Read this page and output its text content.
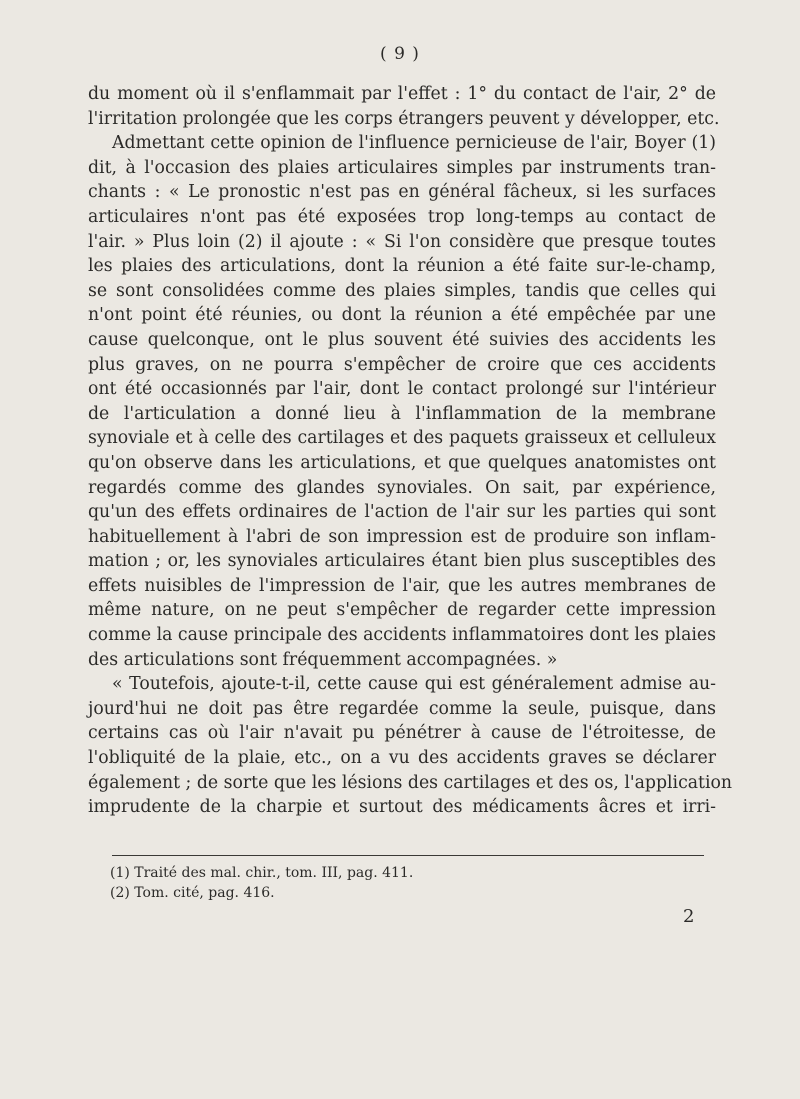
( 9 )
du moment où il s'enflammait par l'effet : 1° du contact de l'air, 2° de
l'irritation prolongée que les corps étrangers peuvent y développer, etc.
Admettant cette opinion de l'influence pernicieuse de l'air, Boyer (1)
dit, à l'occasion des plaies articulaires simples par instruments tran-
chants : « Le pronostic n'est pas en général fâcheux, si les surfaces
articulaires n'ont pas été exposées trop long-temps au contact de
l'air. » Plus loin (2) il ajoute : « Si l'on considère que presque toutes
les plaies des articulations, dont la réunion a été faite sur-le-champ,
se sont consolidées comme des plaies simples, tandis que celles qui
n'ont point été réunies, ou dont la réunion a été empêchée par une
cause quelconque, ont le plus souvent été suivies des accidents les
plus graves, on ne pourra s'empêcher de croire que ces accidents
ont été occasionnés par l'air, dont le contact prolongé sur l'intérieur
de l'articulation a donné lieu à l'inflammation de la membrane
synoviale et à celle des cartilages et des paquets graisseux et celluleux
qu'on observe dans les articulations, et que quelques anatomistes ont
regardés comme des glandes synoviales. On sait, par expérience,
qu'un des effets ordinaires de l'action de l'air sur les parties qui sont
habituellement à l'abri de son impression est de produire son inflam-
mation ; or, les synoviales articulaires étant bien plus susceptibles des
effets nuisibles de l'impression de l'air, que les autres membranes de
même nature, on ne peut s'empêcher de regarder cette impression
comme la cause principale des accidents inflammatoires dont les plaies
des articulations sont fréquemment accompagnées. »
« Toutefois, ajoute-t-il, cette cause qui est généralement admise au-
jourd'hui ne doit pas être regardée comme la seule, puisque, dans
certains cas où l'air n'avait pu pénétrer à cause de l'étroitesse, de
l'obliquité de la plaie, etc., on a vu des accidents graves se déclarer
également ; de sorte que les lésions des cartilages et des os, l'application
imprudente de la charpie et surtout des médicaments âcres et irri-
(1) Traité des mal. chir., tom. III, pag. 411.
(2) Tom. cité, pag. 416.
2
